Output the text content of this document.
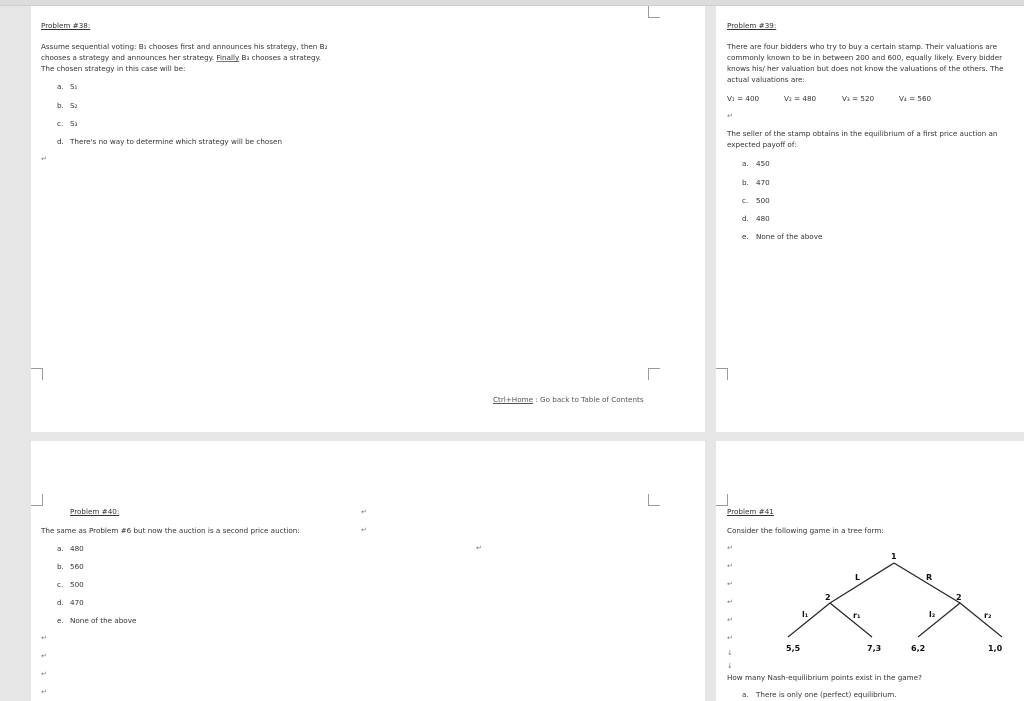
Problem #38:
Assume sequential voting: B₁ chooses first and announces his strategy, then B₂
chooses a strategy and announces her strategy. Finally B₃ chooses a strategy.
The chosen strategy in this case will be:
a. S₁
b. S₂
c. S₃
d. There's no way to determine which strategy will be chosen
↵
Ctrl+Home : Go back to Table of Contents
Problem #39:
There are four bidders who try to buy a certain stamp. Their valuations are
commonly known to be in between 200 and 600, equally likely. Every bidder
knows his/ her valuation but does not know the valuations of the others. The
actual valuations are:
V₁ = 400	V₂ = 480	V₃ = 520	V₄ = 560
↵
The seller of the stamp obtains in the equilibrium of a first price auction an
expected payoff of:
a. 450
b. 470
c. 500
d. 480
e. None of the above
Problem #40:
The same as Problem #6 but now the auction is a second price auction:
↵
↵
↵
a. 480
b. 560
c. 500
d. 470
e. None of the above
↵
↵
↵
↵
Problem #41
Consider the following game in a tree form:
↵
↵
↵
↵
↵
↵
↓
↓
1
L	R
2	2
l₁	r₁	l₂	r₂
5,5	7,3	6,2	1,0
How many Nash-equilibrium points exist in the game?
a. There is only one (perfect) equilibrium.
